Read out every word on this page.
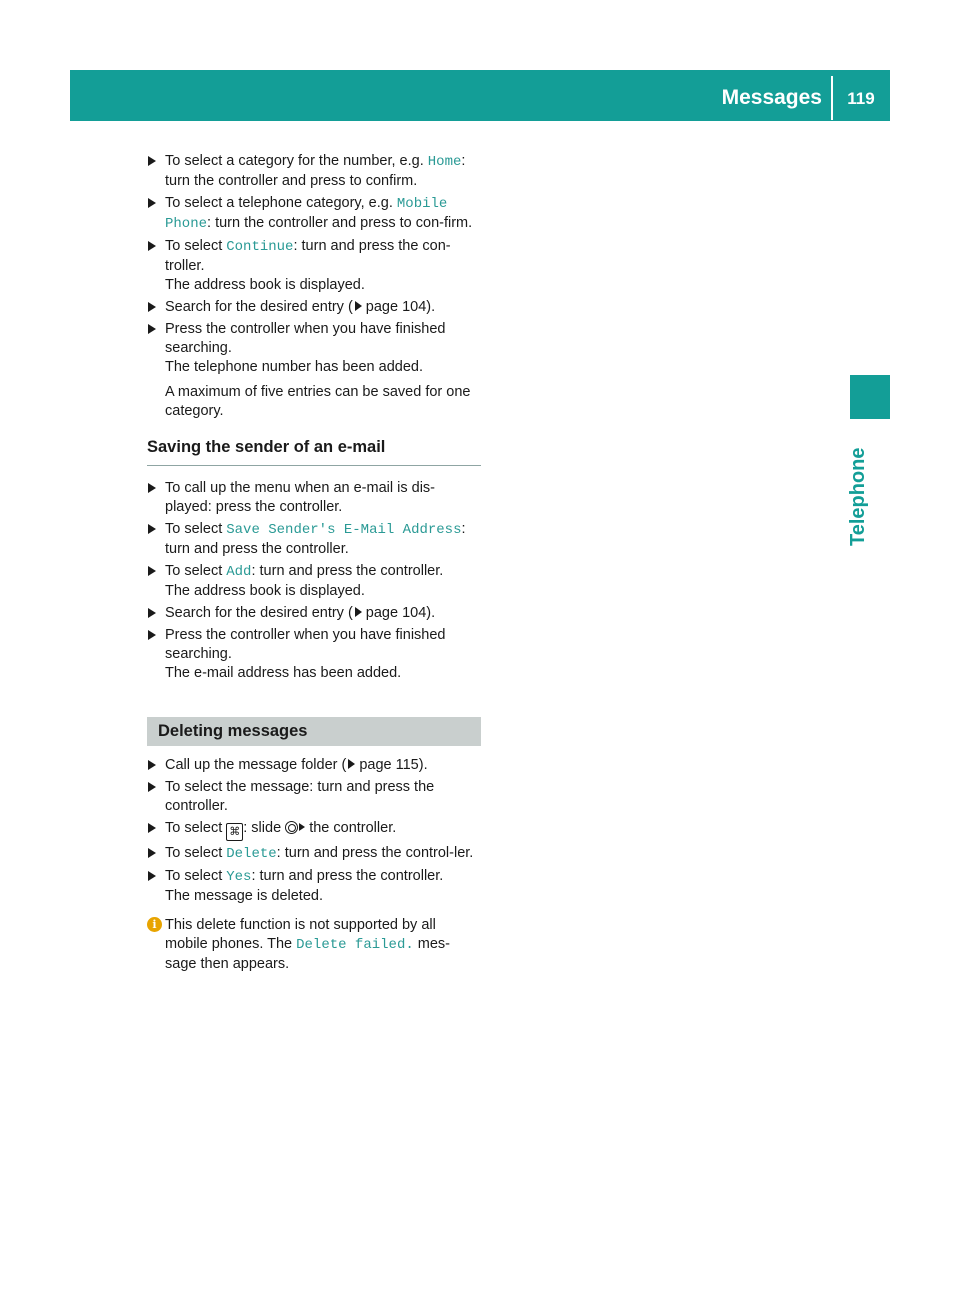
Messages	119
Telephone
To select a category for the number, e.g. Home: turn the controller and press to confirm.
To select a telephone category, e.g. Mobile Phone: turn the controller and press to con-firm.
To select Continue: turn and press the con-troller.
The address book is displayed.
Search for the desired entry ( page 104).
Press the controller when you have finished searching.
The telephone number has been added.
A maximum of five entries can be saved for one category.
Saving the sender of an e-mail
To call up the menu when an e-mail is dis-played: press the controller.
To select Save Sender's E-Mail Address: turn and press the controller.
To select Add: turn and press the controller.
The address book is displayed.
Search for the desired entry ( page 104).
Press the controller when you have finished searching.
The e-mail address has been added.
Deleting messages
Call up the message folder ( page 115).
To select the message: turn and press the controller.
To select ⌘ : slide  the controller.
To select Delete: turn and press the control-ler.
To select Yes: turn and press the controller.
The message is deleted.
i This delete function is not supported by all mobile phones. The Delete failed. mes-sage then appears.
